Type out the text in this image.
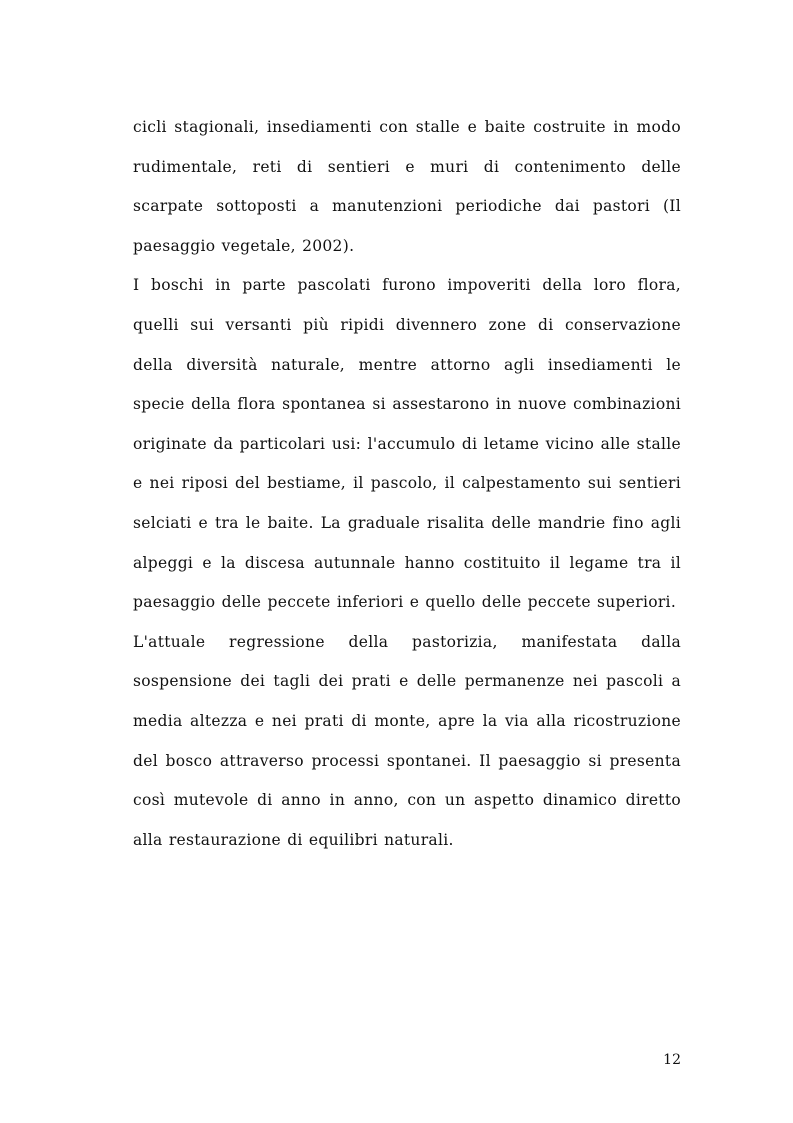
cicli stagionali, insediamenti con stalle e baite costruite in modo rudimentale, reti di sentieri e muri di contenimento delle scarpate sottoposti a manutenzioni periodiche dai pastori (Il paesaggio vegetale, 2002).

I boschi in parte pascolati furono impoveriti della loro flora, quelli sui versanti più ripidi divennero zone di conservazione della diversità naturale, mentre attorno agli insediamenti le specie della flora spontanea si assestarono in nuove combinazioni originate da particolari usi: l'accumulo di letame vicino alle stalle e nei riposi del bestiame, il pascolo, il calpestamento sui sentieri selciati e tra le baite. La graduale risalita delle mandrie fino agli alpeggi e la discesa autunnale hanno costituito il legame tra il paesaggio delle peccete inferiori e quello delle peccete superiori.

L'attuale regressione della pastorizia, manifestata dalla sospensione dei tagli dei prati e delle permanenze nei pascoli a media altezza e nei prati di monte, apre la via alla ricostruzione del bosco attraverso processi spontanei. Il paesaggio si presenta così mutevole di anno in anno, con un aspetto dinamico diretto alla restaurazione di equilibri naturali.

12
